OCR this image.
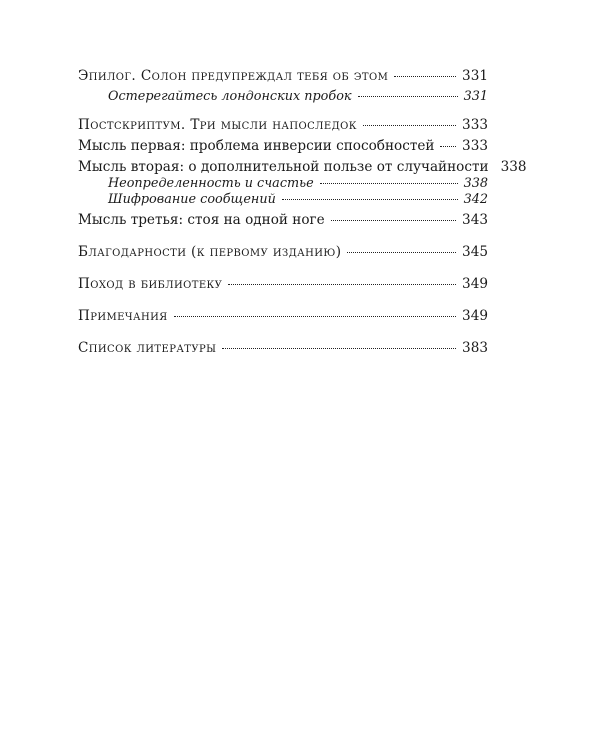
Эпилог. Солон предупреждал тебя об этом	331
Остерегайтесь лондонских пробок	331
Постскриптум. Три мысли напоследок	333
Мысль первая: проблема инверсии способностей 333
Мысль вторая: о дополнительной пользе от случайности 338
Неопределенность и счастье	338
Шифрование сообщений	342
Мысль третья: стоя на одной ноге	343
Благодарности (к первому изданию)	345
Поход в библиотеку	349
Примечания	349
Список литературы	383
